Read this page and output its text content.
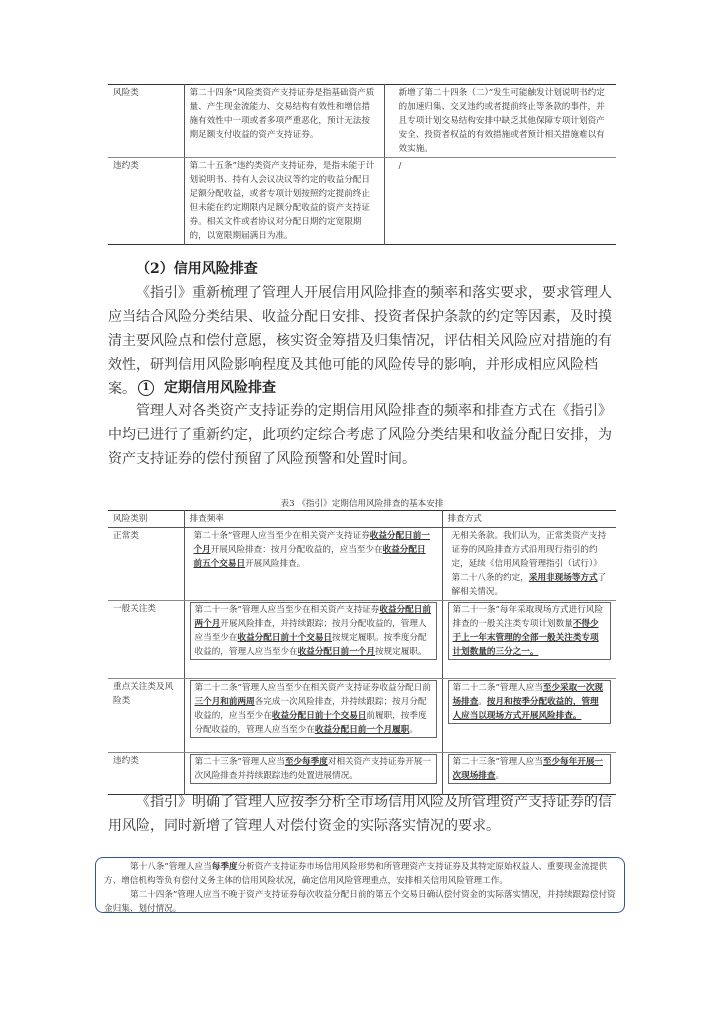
风险类	第二十四条”风险类资产支持证券是指基础资产质量、产生现金流能力、交易结构有效性和增信措施有效性中一项或者多项严重恶化，预计无法按期足额支付收益的资产支持证券。	新增了第二十四条（二）”发生可能触发计划说明书约定的加速归集、交叉违约或者提前终止等条款的事件，并且专项计划交易结构安排中缺乏其他保障专项计划资产安全、投资者权益的有效措施或者预计相关措施难以有效实施。
违约类	第二十五条”违约类资产支持证券，是指未能于计划说明书、持有人会议决议等约定的收益分配日足额分配收益，或者专项计划按照约定提前终止但未能在约定期限内足额分配收益的资产支持证券。相关文件或者协议对分配日期约定宽限期的，以宽限期届满日为准。	/
（2）信用风险排查
《指引》重新梳理了管理人开展信用风险排查的频率和落实要求，要求管理人应当结合风险分类结果、收益分配日安排、投资者保护条款的约定等因素，及时摸清主要风险点和偿付意愿，核实资金筹措及归集情况，评估相关风险应对措施的有效性，研判信用风险影响程度及其他可能的风险传导的影响，并形成相应风险档案。 1 定期信用风险排查
管理人对各类资产支持证券的定期信用风险排查的频率和排查方式在《指引》中均已进行了重新约定，此项约定综合考虑了风险分类结果和收益分配日安排，为资产支持证券的偿付预留了风险预警和处置时间。
表3 《指引》定期信用风险排查的基本安排
风险类别	排查频率	排查方式
正常类	第二十条”管理人应当至少在相关资产支持证券收益分配日前一个月开展风险排查：按月分配收益的，应当至少在收益分配日前五个交易日开展风险排查。	无相关条款。我们认为，正常类资产支持证券的风险排查方式沿用现行指引的约定，延续《信用风险管理指引（试行）》第二十八条的约定，采用非现场等方式了解相关情况。

一般关注类	第二十一条”管理人应当至少在相关资产支持证券收益分配日前两个月开展风险排查，并持续跟踪；按月分配收益的，管理人应当至少在收益分配日前十个交易日按规定履职。按季度分配收益的，管理人应当至少在收益分配日前一个月按规定履职。	第二十一条”每年采取现场方式进行风险排查的一般关注类专项计划数量不得少于上一年末管理的全部一般关注类专项计划数量的三分之一。

重点关注类及风险类	第二十二条”管理人应当至少在相关资产支持证券收益分配日前三个月和前两周各完成一次风险排查，并持续跟踪；按月分配收益的，应当至少在收益分配日前十个交易日前履职，按季度分配收益的，管理人应当至少在收益分配日前一个月履职。	第二十二条”管理人应当至少采取一次现场排查。按月和按季分配收益的，管理人应当以现场方式开展风险排查。

违约类	第二十三条”管理人应当至少每季度对相关资产支持证券开展一次风险排查并持续跟踪违约处置进展情况。	第二十三条”管理人应当至少每年开展一次现场排查。
《指引》明确了管理人应按季分析全市场信用风险及所管理资产支持证券的信用风险，同时新增了管理人对偿付资金的实际落实情况的要求。

第十八条”管理人应当每季度分析资产支持证券市场信用风险形势和所管理资产支持证券及其特定原始权益人、重要现金流提供方、增信机构等负有偿付义务主体的信用风险状况，确定信用风险管理重点，安排相关信用风险管理工作。

第二十四条”管理人应当不晚于资产支持证券每次收益分配日前的第五个交易日确认偿付资金的实际落实情况，并持续跟踪偿付资金归集、划付情况。
